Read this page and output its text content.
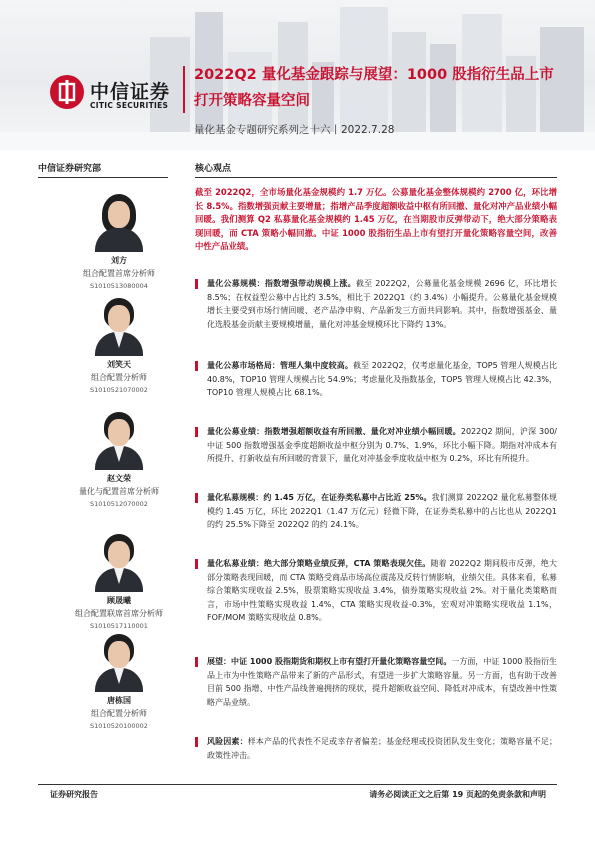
中信证券
CITIC SECURITIES
2022Q2 量化基金跟踪与展望：1000 股指衍生品上市打开策略容量空间
量化基金专题研究系列之十六丨2022.7.28
中信证券研究部	核心观点
刘方
组合配置首席分析师
S1010513080004
刘笑天
组合配置分析师
S1010521070002
赵文荣
量化与配置首席分析师
S1010512070002
顾晟曦
组合配置联席首席分析师
S1010517110001
唐栋国
组合配置分析师
S1010520100002
截至 2022Q2，全市场量化基金规模约 1.7 万亿。公募量化基金整体规模约 2700 亿，环比增长 8.5%。指数增强贡献主要增量；指增产品季度超额收益中枢有所回撤、量化对冲产品业绩小幅回暖。我们测算 Q2 私募量化基金规模约 1.45 万亿，在当期股市反弹带动下，绝大部分策略表现回暖，而 CTA 策略小幅回撤。中证 1000 股指衍生品上市有望打开量化策略容量空间，改善中性产品业绩。
量化公募规模：指数增强带动规模上涨。截至 2022Q2，公募量化基金规模 2696 亿，环比增长 8.5%；在权益型公募中占比约 3.5%，相比于 2022Q1（约 3.4%）小幅提升。公募量化基金规模增长主要受到市场行情回暖、老产品净申购、产品新发三方面共同影响。其中，指数增强基金、量化选股基金贡献主要规模增量，量化对冲基金规模环比下降约 13%。
量化公募市场格局：管理人集中度较高。截至 2022Q2，仅考虑量化基金，TOP5 管理人规模占比 40.8%，TOP10 管理人规模占比 54.9%；考虑量化及指数基金，TOP5 管理人规模占比 42.3%，TOP10 管理人规模占比 68.1%。
量化公募业绩：指数增强超额收益有所回撤、量化对冲业绩小幅回暖。2022Q2 期间，沪深 300/中证 500 指数增强基金季度超额收益中枢分别为 0.7%、1.9%，环比小幅下降。期指对冲成本有所提升、打新收益有所回暖的背景下，量化对冲基金季度收益中枢为 0.2%，环比有所提升。
量化私募规模：约 1.45 万亿，在证券类私募中占比近 25%。我们测算 2022Q2 量化私募整体规模约 1.45 万亿，环比 2022Q1（1.47 万亿元）轻微下降，在证券类私募中的占比也从 2022Q1 的约 25.5%下降至 2022Q2 的约 24.1%。
量化私募业绩：绝大部分策略业绩反弹，CTA 策略表现欠佳。随着 2022Q2 期间股市反弹，绝大部分策略表现回暖，而 CTA 策略受商品市场高位震荡及反转行情影响，业绩欠佳。具体来看，私募综合策略实现收益 2.5%，股票策略实现收益 3.4%，债券策略实现收益 2%。对于量化类策略而言，市场中性策略实现收益 1.4%，CTA 策略实现收益-0.3%，宏观对冲策略实现收益 1.1%，FOF/MOM 策略实现收益 0.8%。
展望：中证 1000 股指期货和期权上市有望打开量化策略容量空间。一方面，中证 1000 股指衍生品上市为中性策略产品带来了新的产品形式，有望进一步扩大策略容量。另一方面，也有助于改善目前 500 指增、中性产品线普遍拥挤的现状，提升超额收益空间、降低对冲成本，有望改善中性策略产品业绩。
风险因素：样本产品的代表性不足或幸存者偏差；基金经理或投资团队发生变化；策略容量不足；政策性冲击。
证券研究报告	请务必阅读正文之后第 19 页起的免责条款和声明
